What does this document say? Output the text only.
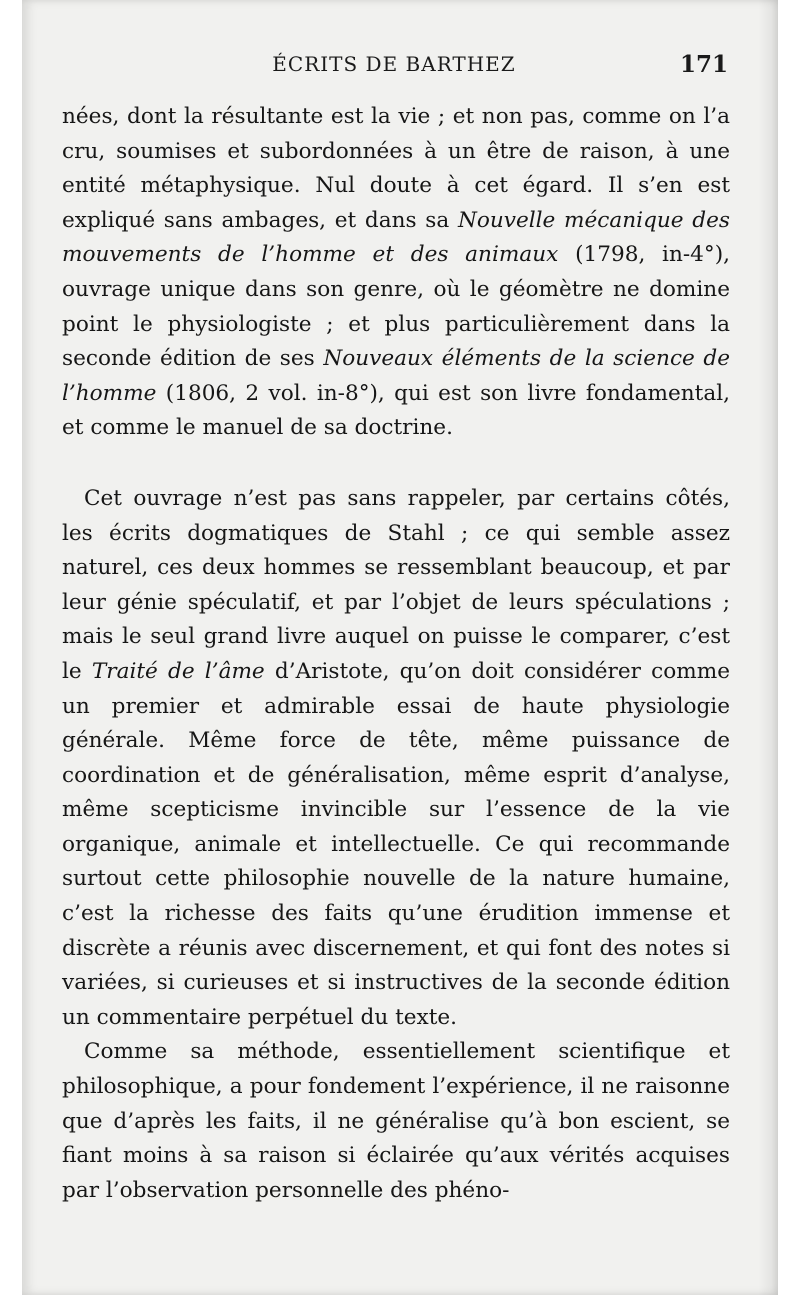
ÉCRITS DE BARTHEZ	171

nées, dont la résultante est la vie ; et non pas, comme on l’a cru, soumises et subordonnées à un être de raison, à une entité métaphysique. Nul doute à cet égard. Il s’en est expliqué sans ambages, et dans sa Nouvelle mécanique des mouvements de l’homme et des animaux (1798, in-4°), ouvrage unique dans son genre, où le géomètre ne domine point le physiologiste ; et plus particulièrement dans la seconde édition de ses Nouveaux éléments de la science de l’homme (1806, 2 vol. in-8°), qui est son livre fondamental, et comme le manuel de sa doctrine.

Cet ouvrage n’est pas sans rappeler, par certains côtés, les écrits dogmatiques de Stahl ; ce qui semble assez naturel, ces deux hommes se ressemblant beaucoup, et par leur génie spéculatif, et par l’objet de leurs spéculations ; mais le seul grand livre auquel on puisse le comparer, c’est le Traité de l’âme d’Aristote, qu’on doit considérer comme un premier et admirable essai de haute physiologie générale. Même force de tête, même puissance de coordination et de généralisation, même esprit d’analyse, même scepticisme invincible sur l’essence de la vie organique, animale et intellectuelle. Ce qui recommande surtout cette philosophie nouvelle de la nature humaine, c’est la richesse des faits qu’une érudition immense et discrète a réunis avec discernement, et qui font des notes si variées, si curieuses et si instructives de la seconde édition un commentaire perpétuel du texte.

Comme sa méthode, essentiellement scientifique et philosophique, a pour fondement l’expérience, il ne raisonne que d’après les faits, il ne généralise qu’à bon escient, se fiant moins à sa raison si éclairée qu’aux vérités acquises par l’observation personnelle des phéno-
